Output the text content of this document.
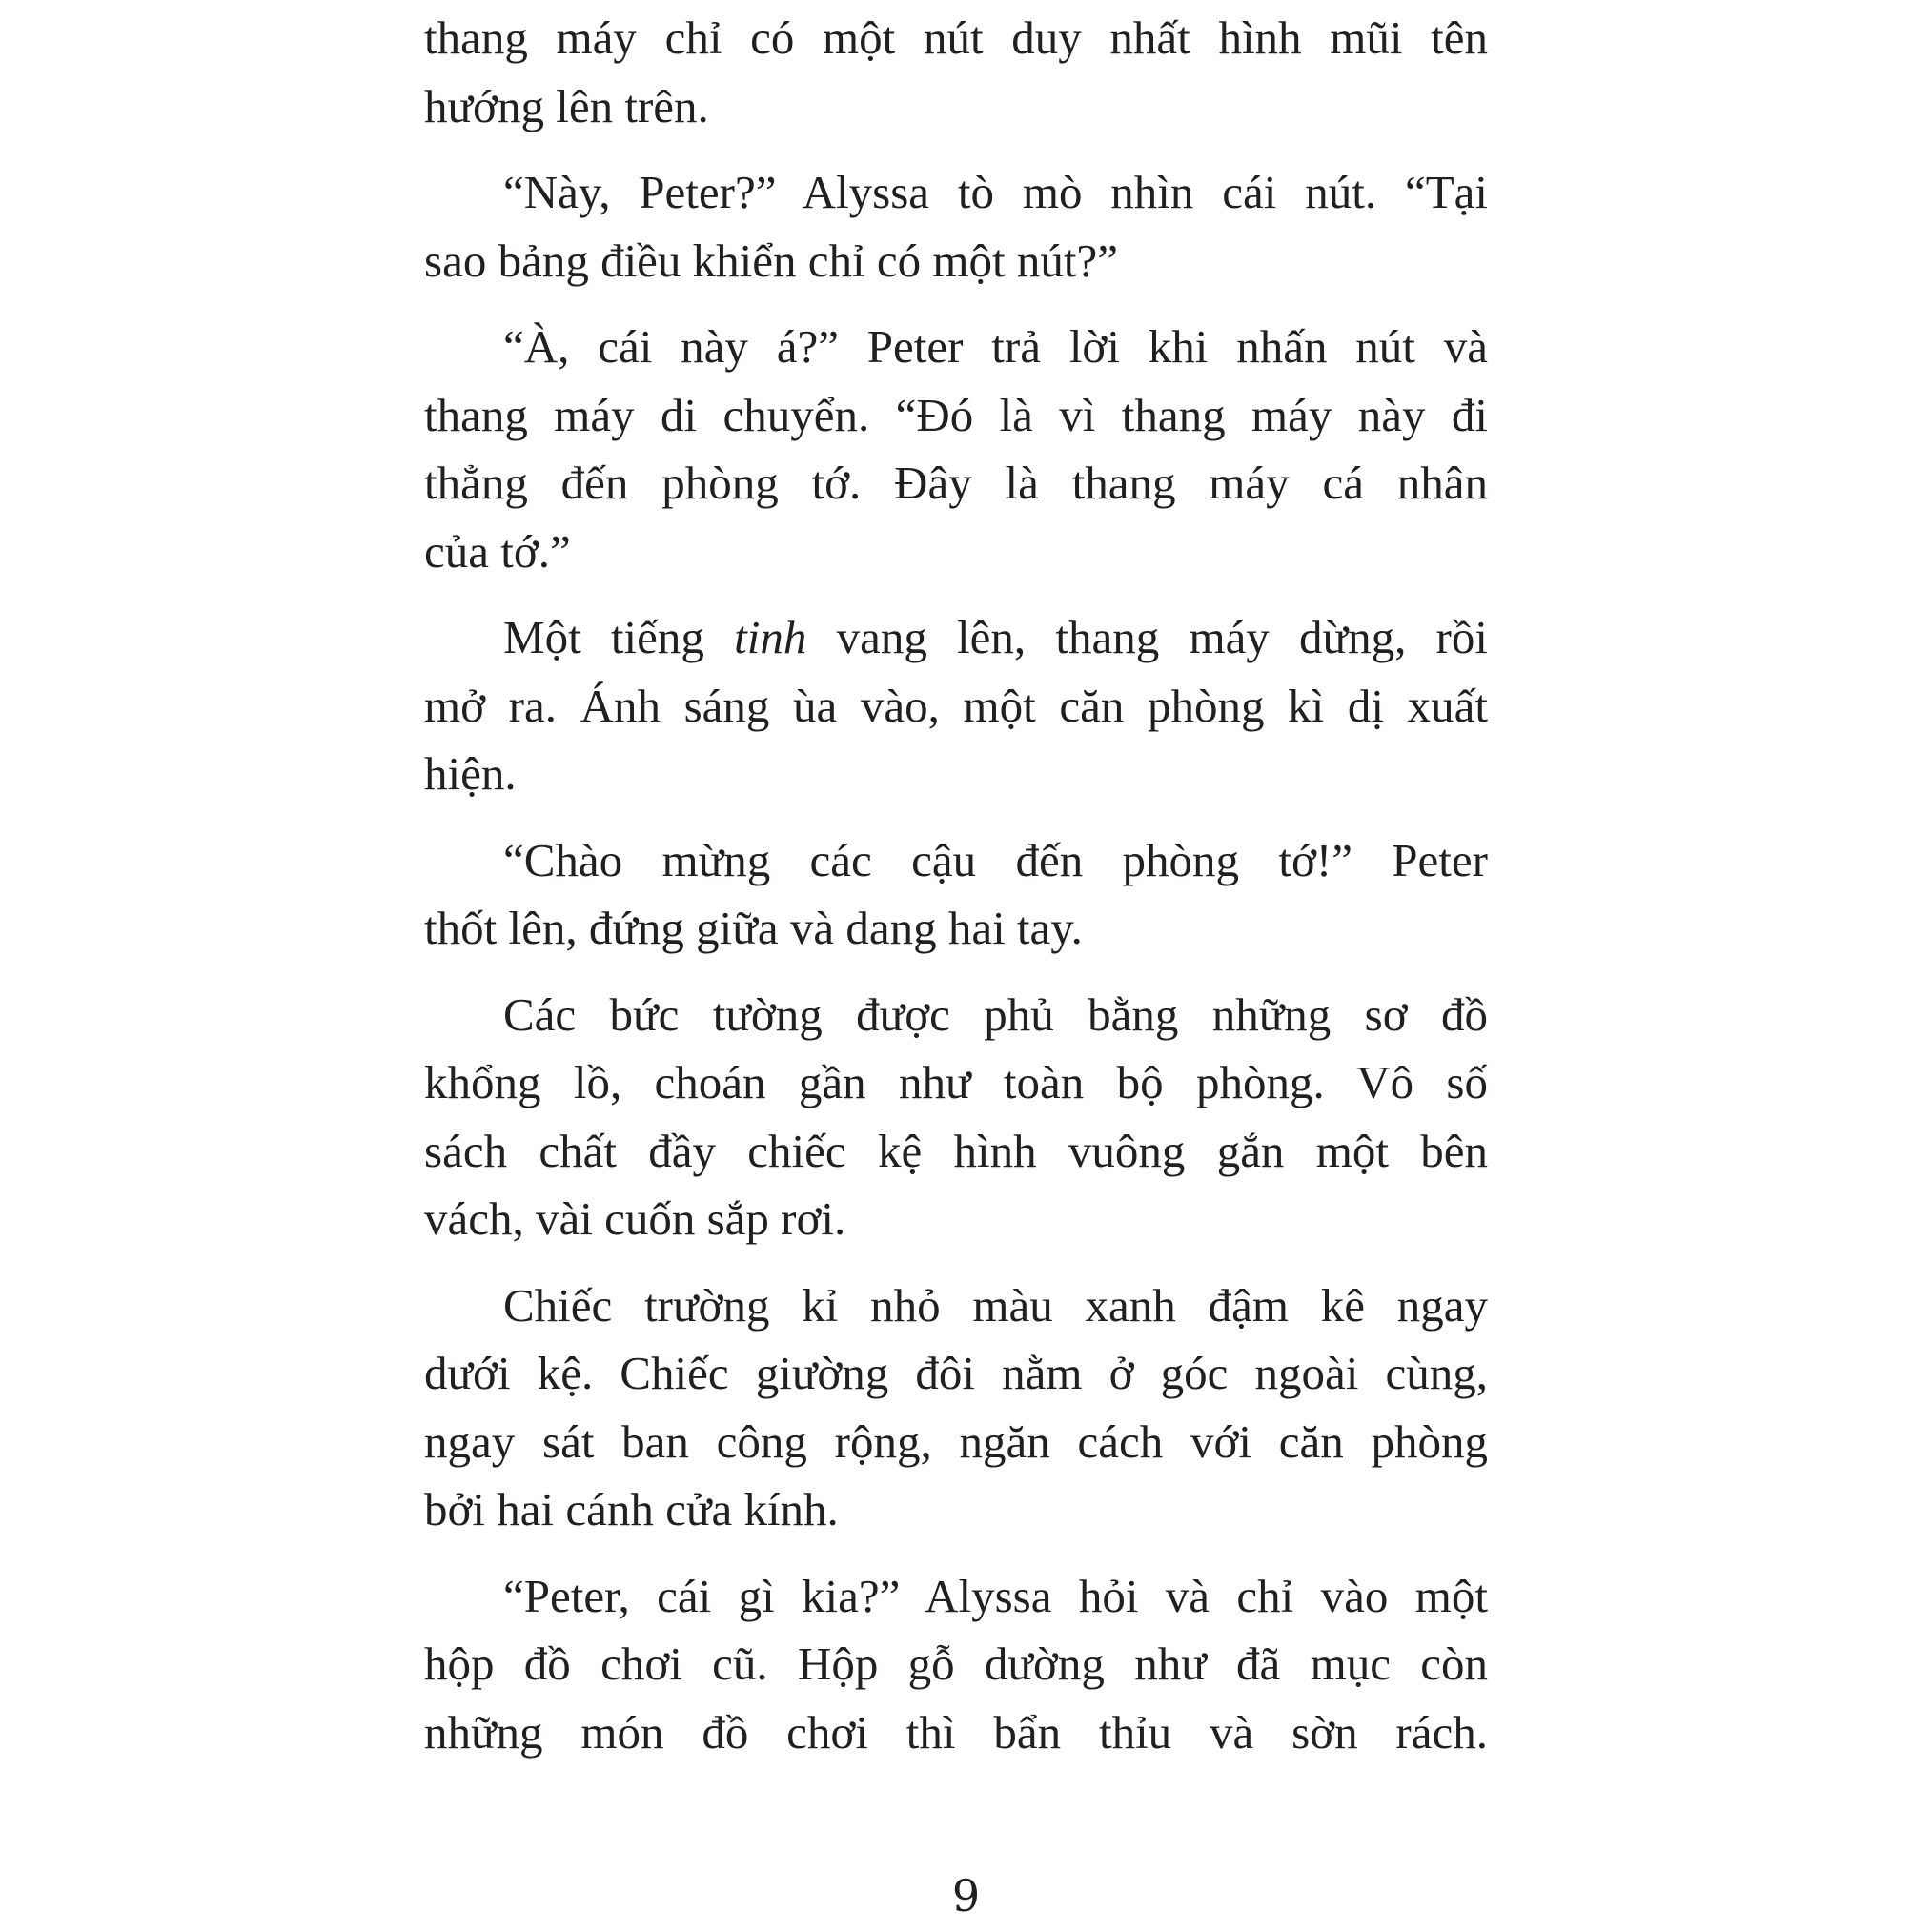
thang máy chỉ có một nút duy nhất hình mũi tên
hướng lên trên.
“Này, Peter?” Alyssa tò mò nhìn cái nút. “Tại
sao bảng điều khiển chỉ có một nút?”
“À, cái này á?” Peter trả lời khi nhấn nút và
thang máy di chuyển. “Đó là vì thang máy này đi
thẳng đến phòng tớ. Đây là thang máy cá nhân
của tớ.”
Một tiếng tinh vang lên, thang máy dừng, rồi
mở ra. Ánh sáng ùa vào, một căn phòng kì dị xuất
hiện.
“Chào mừng các cậu đến phòng tớ!” Peter
thốt lên, đứng giữa và dang hai tay.
Các bức tường được phủ bằng những sơ đồ
khổng lồ, choán gần như toàn bộ phòng. Vô số
sách chất đầy chiếc kệ hình vuông gắn một bên
vách, vài cuốn sắp rơi.
Chiếc trường kỉ nhỏ màu xanh đậm kê ngay
dưới kệ. Chiếc giường đôi nằm ở góc ngoài cùng,
ngay sát ban công rộng, ngăn cách với căn phòng
bởi hai cánh cửa kính.
“Peter, cái gì kia?” Alyssa hỏi và chỉ vào một
hộp đồ chơi cũ. Hộp gỗ dường như đã mục còn
những món đồ chơi thì bẩn thỉu và sờn rách.
9
